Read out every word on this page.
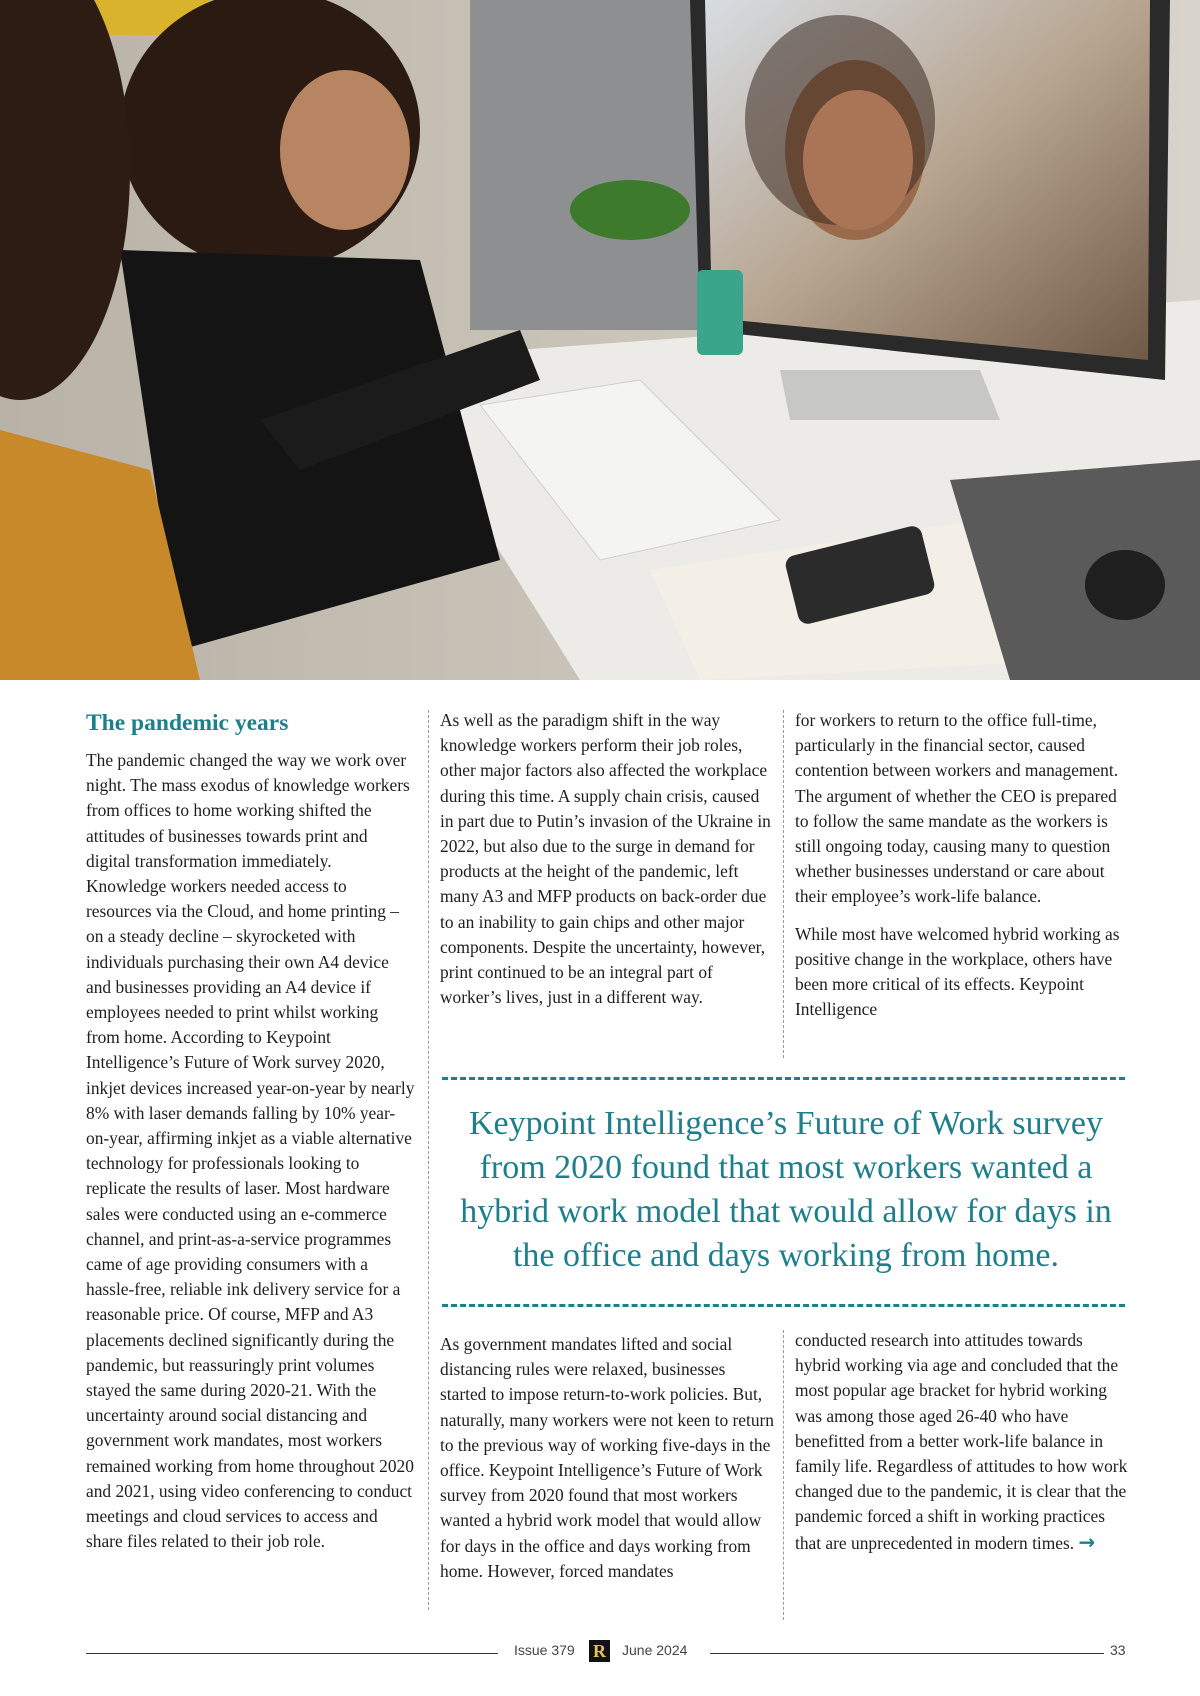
The pandemic years

The pandemic changed the way we work over night. The mass exodus of knowledge workers from offices to home working shifted the attitudes of businesses towards print and digital transformation immediately. Knowledge workers needed access to resources via the Cloud, and home printing – on a steady decline – skyrocketed with individuals purchasing their own A4 device and businesses providing an A4 device if employees needed to print whilst working from home. According to Keypoint Intelligence’s Future of Work survey 2020, inkjet devices increased year-on-year by nearly 8% with laser demands falling by 10% year-on-year, affirming inkjet as a viable alternative technology for professionals looking to replicate the results of laser. Most hardware sales were conducted using an e-commerce channel, and print-as-a-service programmes came of age providing consumers with a hassle-free, reliable ink delivery service for a reasonable price. Of course, MFP and A3 placements declined significantly during the pandemic, but reassuringly print volumes stayed the same during 2020-21. With the uncertainty around social distancing and government work mandates, most workers remained working from home throughout 2020 and 2021, using video conferencing to conduct meetings and cloud services to access and share files related to their job role.

As well as the paradigm shift in the way knowledge workers perform their job roles, other major factors also affected the workplace during this time. A supply chain crisis, caused in part due to Putin’s invasion of the Ukraine in 2022, but also due to the surge in demand for products at the height of the pandemic, left many A3 and MFP products on back-order due to an inability to gain chips and other major components. Despite the uncertainty, however, print continued to be an integral part of worker’s lives, just in a different way.

for workers to return to the office full-time, particularly in the financial sector, caused contention between workers and management. The argument of whether the CEO is prepared to follow the same mandate as the workers is still ongoing today, causing many to question whether businesses understand or care about their employee’s work-life balance.

While most have welcomed hybrid working as positive change in the workplace, others have been more critical of its effects. Keypoint Intelligence

Keypoint Intelligence’s Future of Work survey from 2020 found that most workers wanted a hybrid work model that would allow for days in the office and days working from home.

As government mandates lifted and social distancing rules were relaxed, businesses started to impose return-to-work policies. But, naturally, many workers were not keen to return to the previous way of working five-days in the office. Keypoint Intelligence’s Future of Work survey from 2020 found that most workers wanted a hybrid work model that would allow for days in the office and days working from home. However, forced mandates

conducted research into attitudes towards hybrid working via age and concluded that the most popular age bracket for hybrid working was among those aged 26-40 who have benefitted from a better work-life balance in family life. Regardless of attitudes to how work changed due to the pandemic, it is clear that the pandemic forced a shift in working practices that are unprecedented in modern times. →

Issue 379 R June 2024	33
